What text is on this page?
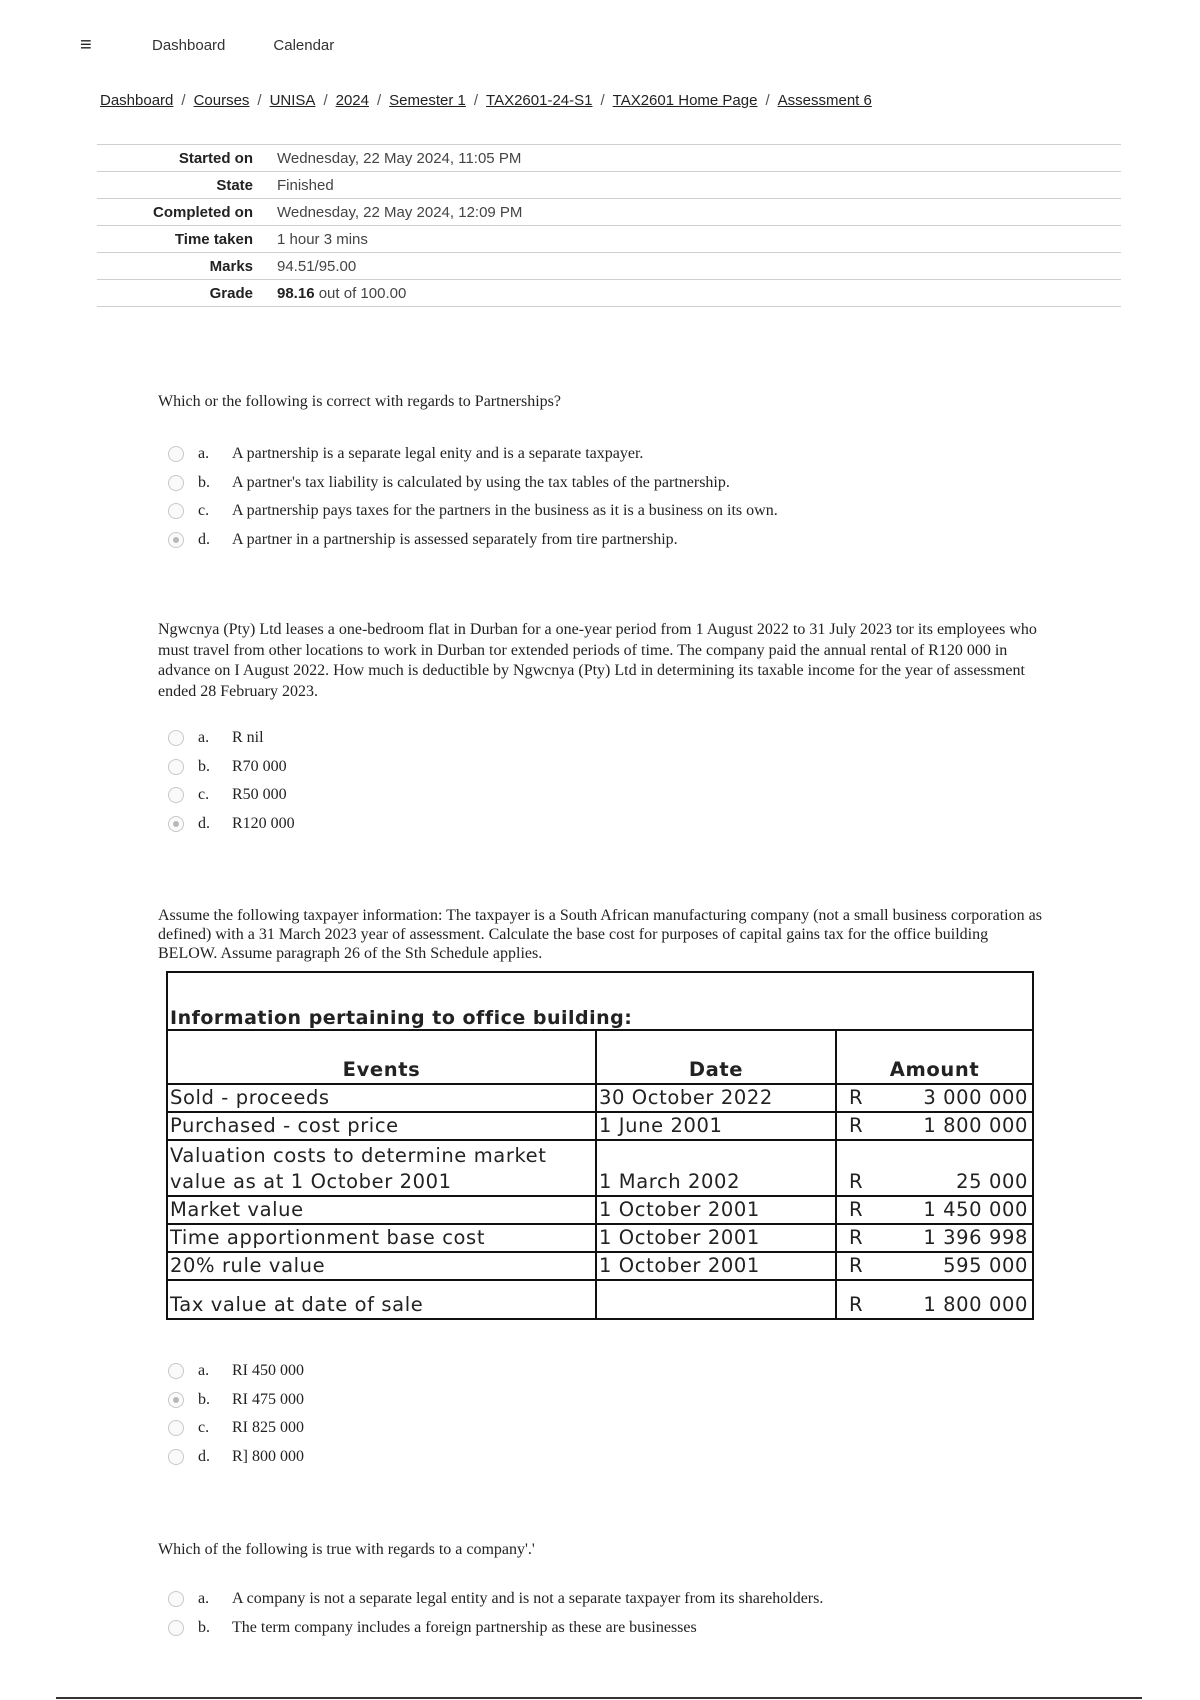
≡	Dashboard	Calendar
Dashboard / Courses / UNISA / 2024 / Semester 1 / TAX2601-24-S1 / TAX2601 Home Page / Assessment 6
Started on	Wednesday, 22 May 2024, 11:05 PM
State	Finished
Completed on	Wednesday, 22 May 2024, 12:09 PM
Time taken	1 hour 3 mins
Marks	94.51/95.00
Grade	98.16 out of 100.00
Which or the following is correct with regards to Partnerships?
a.	A partnership is a separate legal enity and is a separate taxpayer.
b.	A partner's tax liability is calculated by using the tax tables of the partnership.
c.	A partnership pays taxes for the partners in the business as it is a business on its own.
d.	A partner in a partnership is assessed separately from tire partnership.
Ngwcnya (Pty) Ltd leases a one-bedroom flat in Durban for a one-year period from 1 August 2022 to 31 July 2023 tor its employees who must travel from other locations to work in Durban tor extended periods of time. The company paid the annual rental of R120 000 in advance on I August 2022. How much is deductible by Ngwcnya (Pty) Ltd in determining its taxable income for the year of assessment ended 28 February 2023.
a.	R nil
b.	R70 000
c.	R50 000
d.	R120 000
Assume the following taxpayer information: The taxpayer is a South African manufacturing company (not a small business corporation as defined) with a 31 March 2023 year of assessment. Calculate the base cost for purposes of capital gains tax for the office building BELOW. Assume paragraph 26 of the Sth Schedule applies.
Information pertaining to office building:
Events	Date	Amount
Sold - proceeds	30 October 2022	R 3 000 000

Purchased - cost price	1 June 2001	R 1 800 000

Valuation costs to determine market value as at 1 October 2001	1 March 2002	R 25 000

Market value	1 October 2001	R 1 450 000

Time apportionment base cost	1 October 2001	R 1 396 998

20% rule value	1 October 2001	R 595 000

Tax value at date of sale		R 1 800 000
a.	RI 450 000
b.	RI 475 000
c.	RI 825 000
d.	R] 800 000
Which of the following is true with regards to a company'.'
a.	A company is not a separate legal entity and is not a separate taxpayer from its shareholders.
b.	The term company includes a foreign partnership as these are businesses
